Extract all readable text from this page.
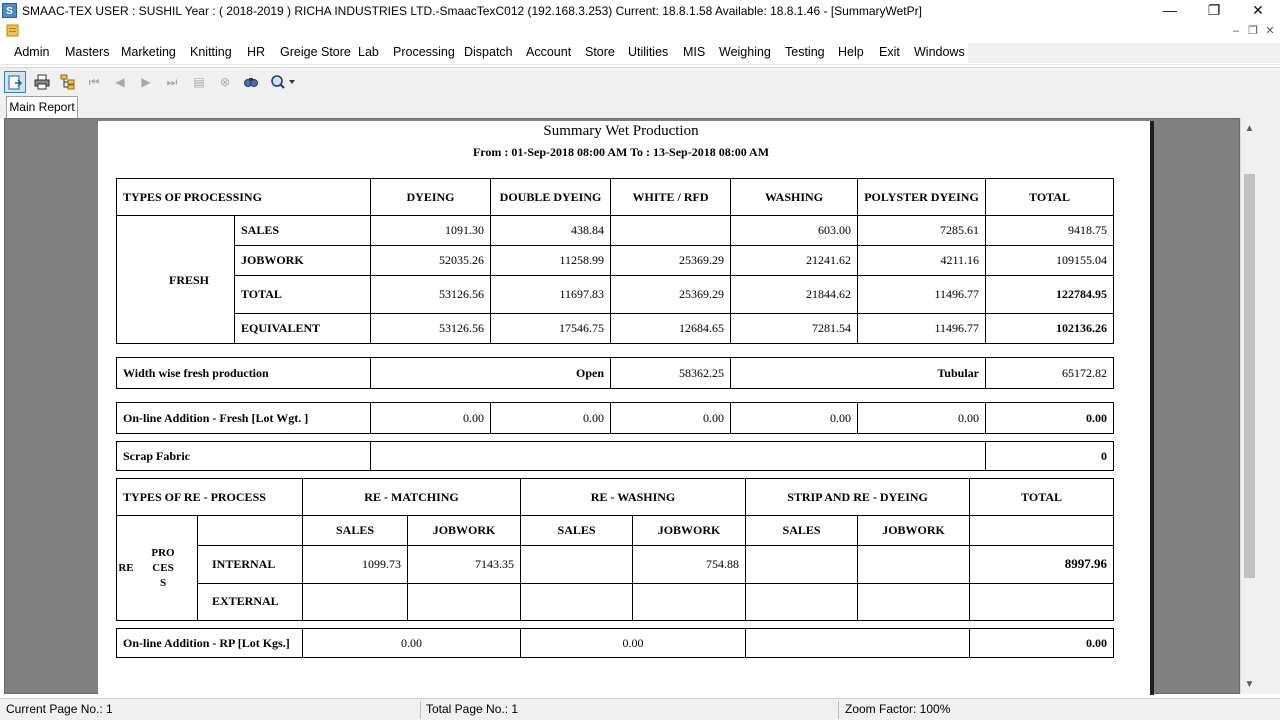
S SMAAC-TEX USER : SUSHIL Year : ( 2018-2019 ) RICHA INDUSTRIES LTD.-SmaacTexC012 (192.168.3.253) Current: 18.8.1.58 Available: 18.8.1.46 - [SummaryWetPr]	—	❐	✕
– ❐ ✕
Admin Masters Marketing Knitting HR Greige Store Lab Processing Dispatch Account Store Utilities MIS Weighing Testing Help Exit Windows
⏮	◀	▶	⏭	▤	⊗
Main Report
Summary Wet Production
From : 01-Sep-2018 08:00 AM To : 13-Sep-2018 08:00 AM
TYPES OF PROCESSING		DYEING	DOUBLE DYEING	WHITE / RFD	WASHING	POLYSTER DYEING	TOTAL
FRESH	SALES	1091.30	438.84		603.00	7285.61	9418.75
	JOBWORK	52035.26	11258.99	25369.29	21241.62	4211.16	109155.04
	TOTAL	53126.56	11697.83	25369.29	21844.62	11496.77	122784.95
	EQUIVALENT	53126.56	17546.75	12684.65	7281.54	11496.77	102136.26
Width wise fresh production	Open	58362.25	Tubular	65172.82
On-line Addition - Fresh [Lot Wgt. ]	0.00	0.00	0.00	0.00	0.00	0.00
Scrap Fabric		0
TYPES OF RE - PROCESS		RE - MATCHING		RE - WASHING		STRIP AND RE - DYEING		TOTAL

RE
PROCESS		SALES	JOBWORK	SALES	JOBWORK	SALES	JOBWORK	
	INTERNAL	1099.73	7143.35		754.88			8997.96
	EXTERNAL							
On-line Addition - RP [Lot Kgs.]	0.00	0.00		0.00
▲
▼
Current Page No.: 1	Total Page No.: 1	Zoom Factor: 100%
